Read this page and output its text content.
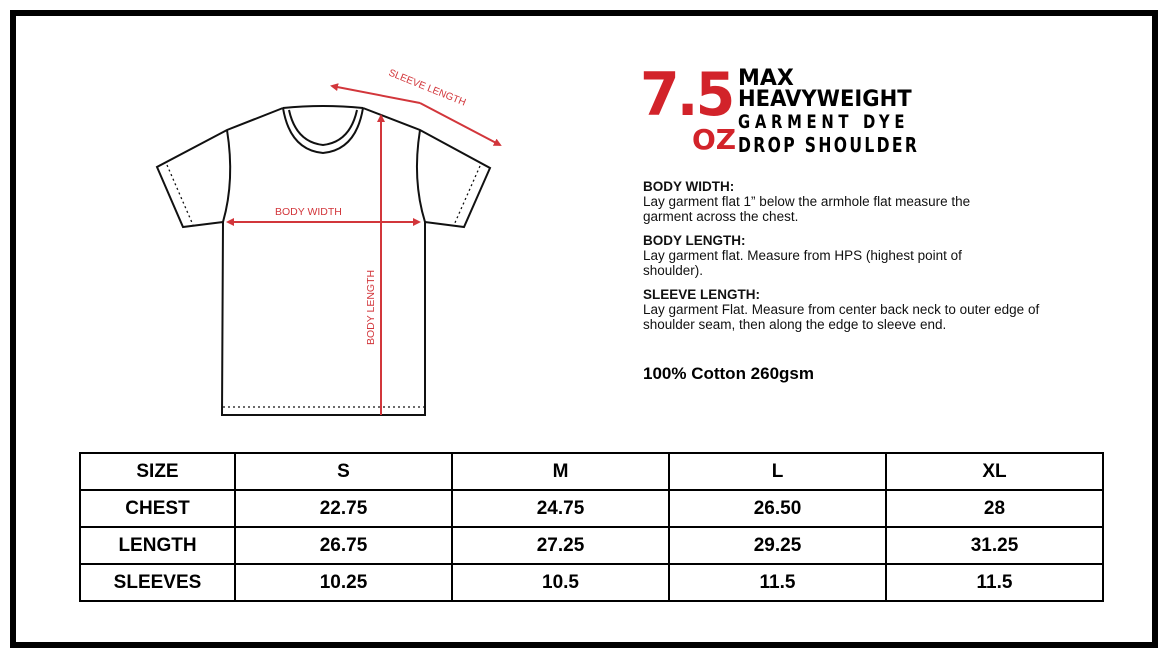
BODY WIDTH
BODY LENGTH
SLEEVE LENGTH	7.5
OZ
MAX
HEAVYWEIGHT
GARMENT DYE
DROP SHOULDER
BODY WIDTH:

Lay garment flat 1” below the armhole flat measure the garment across the chest.

BODY LENGTH:

Lay garment flat. Measure from HPS (highest point of shoulder).

SLEEVE LENGTH:

Lay garment Flat. Measure from center back neck to outer edge of shoulder seam, then along the edge to sleeve end.

100% Cotton 260gsm
SIZE	S	M	L	XL
CHEST	22.75	24.75	26.50	28
LENGTH	26.75	27.25	29.25	31.25
SLEEVES	10.25	10.5	11.5	11.5
